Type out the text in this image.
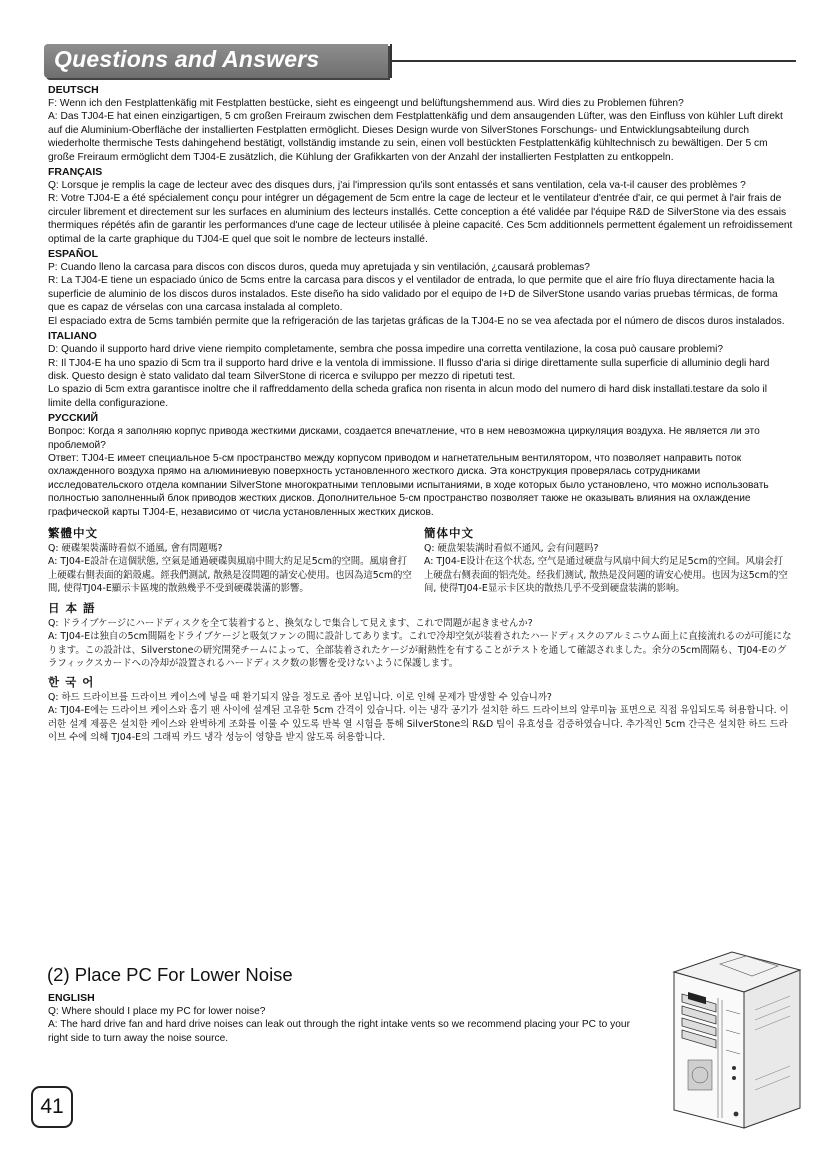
Questions and Answers

DEUTSCH

F: Wenn ich den Festplattenkäfig mit Festplatten bestücke, sieht es eingeengt und belüftungshemmend aus. Wird dies zu Problemen führen?

A: Das TJ04-E hat einen einzigartigen, 5 cm großen Freiraum zwischen dem Festplattenkäfig und dem ansaugenden Lüfter, was den Einfluss von kühler Luft direkt auf die Aluminium-Oberfläche der installierten Festplatten ermöglicht. Dieses Design wurde von SilverStones Forschungs- und Entwicklungsabteilung durch wiederholte thermische Tests dahingehend bestätigt, vollständig imstande zu sein, einen voll bestückten Festplattenkäfig kühltechnisch zu bewältigen. Der 5 cm große Freiraum ermöglicht dem TJ04-E zusätzlich, die Kühlung der Grafikkarten von der Anzahl der installierten Festplatten zu entkoppeln.

FRANÇAIS

Q: Lorsque je remplis la cage de lecteur avec des disques durs, j'ai l'impression qu'ils sont entassés et sans ventilation, cela va-t-il causer des problèmes ?

R: Votre TJ04-E a été spécialement conçu pour intégrer un dégagement de 5cm entre la cage de lecteur et le ventilateur d'entrée d'air, ce qui permet à l'air frais de circuler librement et directement sur les surfaces en aluminium des lecteurs installés. Cette conception a été validée par l'équipe R&D de SilverStone via des essais thermiques répétés afin de garantir les performances d'une cage de lecteur utilisée à pleine capacité. Ces 5cm additionnels permettent également un refroidissement optimal de la carte graphique du TJ04-E quel que soit le nombre de lecteurs installé.

ESPAÑOL

P: Cuando lleno la carcasa para discos con discos duros, queda muy apretujada y sin ventilación, ¿causará problemas?

R: La TJ04-E tiene un espaciado único de 5cms entre la carcasa para discos y el ventilador de entrada, lo que permite que el aire frío fluya directamente hacia la superficie de aluminio de los discos duros instalados. Este diseño ha sido validado por el equipo de I+D de SilverStone usando varias pruebas térmicas, de forma que es capaz de vérselas con una carcasa instalada al completo.

El espaciado extra de 5cms también permite que la refrigeración de las tarjetas gráficas de la TJ04-E no se vea afectada por el número de discos duros instalados.

ITALIANO

D: Quando il supporto hard drive viene riempito completamente, sembra che possa impedire una corretta ventilazione, la cosa può causare problemi?

R: Il TJ04-E ha uno spazio di 5cm tra il supporto hard drive e la ventola di immissione. Il flusso d'aria si dirige direttamente sulla superficie di alluminio degli hard disk. Questo design è stato validato dal team SilverStone di ricerca e sviluppo per mezzo di ripetuti test.

Lo spazio di 5cm extra garantisce inoltre che il raffreddamento della scheda grafica non risenta in alcun modo del numero di hard disk installati.testare da solo il limite della configurazione.

РУССКИЙ

Вопрос: Когда я заполняю корпус привода жесткими дисками, создается впечатление, что в нем невозможна циркуляция воздуха. Не является ли это проблемой?

Ответ: TJ04-E имеет специальное 5-см пространство между корпусом приводом и нагнетательным вентилятором, что позволяет направить поток охлажденного воздуха прямо на алюминиевую поверхность установленного жесткого диска. Эта конструкция проверялась сотрудниками исследовательского отдела компании SilverStone многократными тепловыми испытаниями, в ходе которых было установлено, что можно использовать полностью заполненный блок приводов жестких дисков. Дополнительное 5-см пространство позволяет также не оказывать влияния на охлаждение графической карты TJ04-E, независимо от числа установленных жестких дисков.

繁體中文

Q: 硬碟架裝滿時看似不通風, 會有問題嗎?

A: TJ04-E設計在這個狀態, 空氣是通過硬碟與風扇中間大約足足5cm的空間。風扇會打上硬碟右側表面的鋁殼處。經我們測試, 散熱是沒問題的請安心使用。也因為這5cm的空間, 使得TJ04-E顯示卡區塊的散熱幾乎不受到硬碟裝滿的影響。

簡体中文

Q: 硬盘架装满时看似不通风, 会有问题吗?

A: TJ04-E设计在这个状态, 空气是通过硬盘与风扇中间大约足足5cm的空间。风扇会打上硬盘右侧表面的铝壳处。经我们测试, 散热是没问题的请安心使用。也因为这5cm的空间, 使得TJ04-E显示卡区块的散热几乎不受到硬盘装满的影响。

日 本 語

Q: ドライブケージにハードディスクを全て装着すると、換気なしで集合して見えます、これで問題が起きませんか?

A: TJ04-Eは独自の5cm間隔をドライブケージと吸気ファンの間に設計してあります。これで冷却空気が装着されたハードディスクのアルミニウム面上に直接流れるのが可能になります。この設計は、Silverstoneの研究開発チームによって、全部装着されたケージが耐熱性を有することがテストを通して確認されました。余分の5cm間隔も、TJ04-Eのグラフィックスカードへの冷却が設置されるハードディスク数の影響を受けないように保護します。

한 국 어

Q: 하드 드라이브를 드라이브 케이스에 넣을 때 환기되지 않을 정도로 좁아 보입니다. 이로 인해 문제가 발생할 수 있습니까?

A: TJ04-E에는 드라이브 케이스와 흡기 팬 사이에 설계된 고유한 5cm 간격이 있습니다. 이는 냉각 공기가 설치한 하드 드라이브의 알루미늄 표면으로 직접 유입되도록 허용합니다. 이러한 설계 제품은 설치한 케이스와 완벽하게 조화를 이룰 수 있도록 반복 열 시험을 통해 SilverStone의 R&D 팀이 유효성을 검증하였습니다. 추가적인 5cm 간극은 설치한 하드 드라이브 수에 의해 TJ04-E의 그래픽 카드 냉각 성능이 영향을 받지 않도록 허용합니다.

(2) Place PC For Lower Noise

ENGLISH

Q: Where should I place my PC for lower noise?

A: The hard drive fan and hard drive noises can leak out through the right intake vents so we recommend placing your PC to your right side to turn away the noise source.

41
